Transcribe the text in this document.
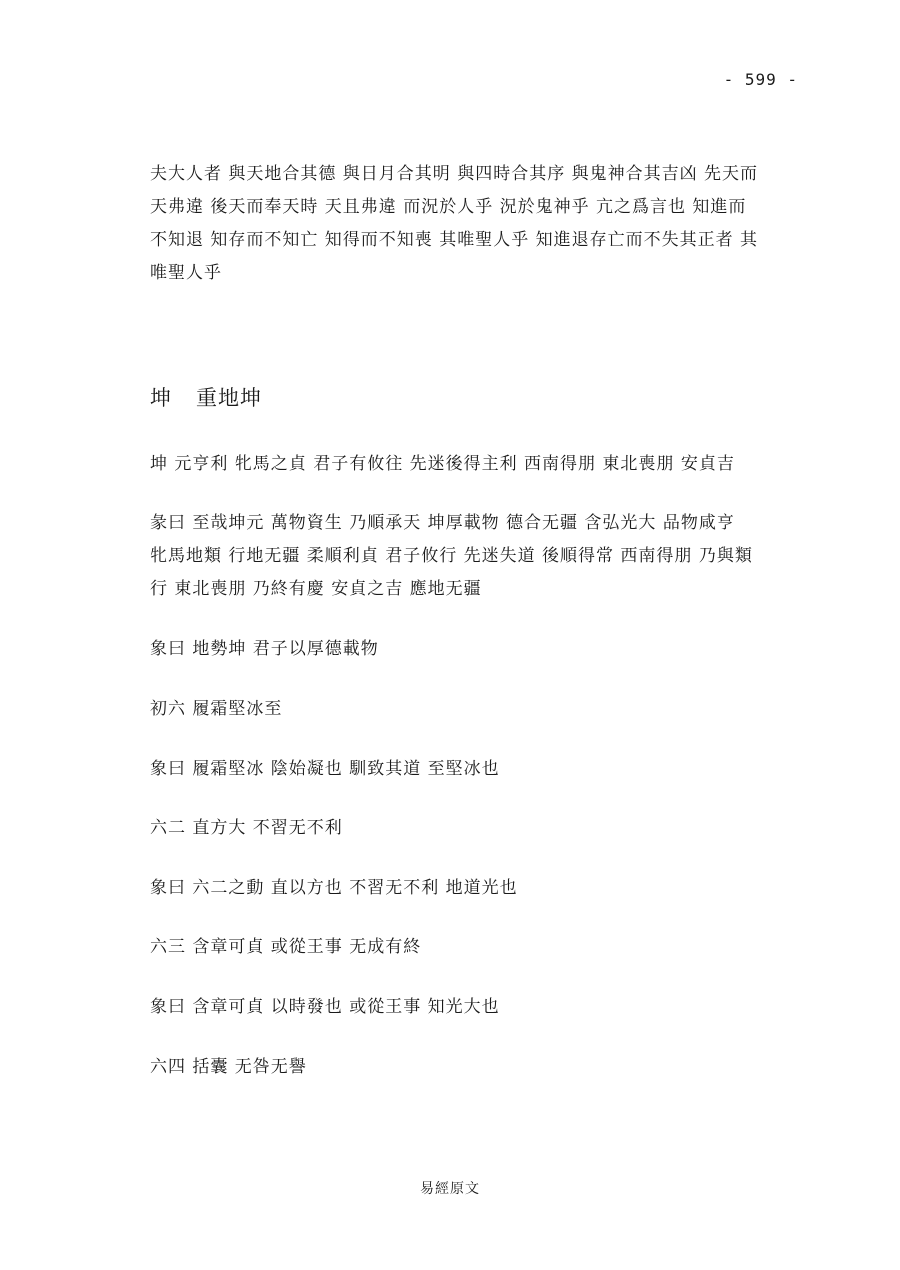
- 599 -
夫大人者 與天地合其德 與日月合其明 與四時合其序 與鬼神合其吉凶 先天而
天弗違 後天而奉天時 天且弗違 而況於人乎 況於鬼神乎 亢之爲言也 知進而
不知退 知存而不知亡 知得而不知喪 其唯聖人乎 知進退存亡而不失其正者 其
唯聖人乎
坤 重地坤
坤 元亨利 牝馬之貞 君子有攸往 先迷後得主利 西南得朋 東北喪朋 安貞吉
彖曰 至哉坤元 萬物資生 乃順承天 坤厚載物 德合无疆 含弘光大 品物咸亨
牝馬地類 行地无疆 柔順利貞 君子攸行 先迷失道 後順得常 西南得朋 乃與類
行 東北喪朋 乃終有慶 安貞之吉 應地无疆
象曰 地勢坤 君子以厚德載物
初六 履霜堅冰至
象曰 履霜堅冰 陰始凝也 馴致其道 至堅冰也
六二 直方大 不習无不利
象曰 六二之動 直以方也 不習无不利 地道光也
六三 含章可貞 或從王事 无成有終
象曰 含章可貞 以時發也 或從王事 知光大也
六四 括囊 无咎无譽
易經原文
